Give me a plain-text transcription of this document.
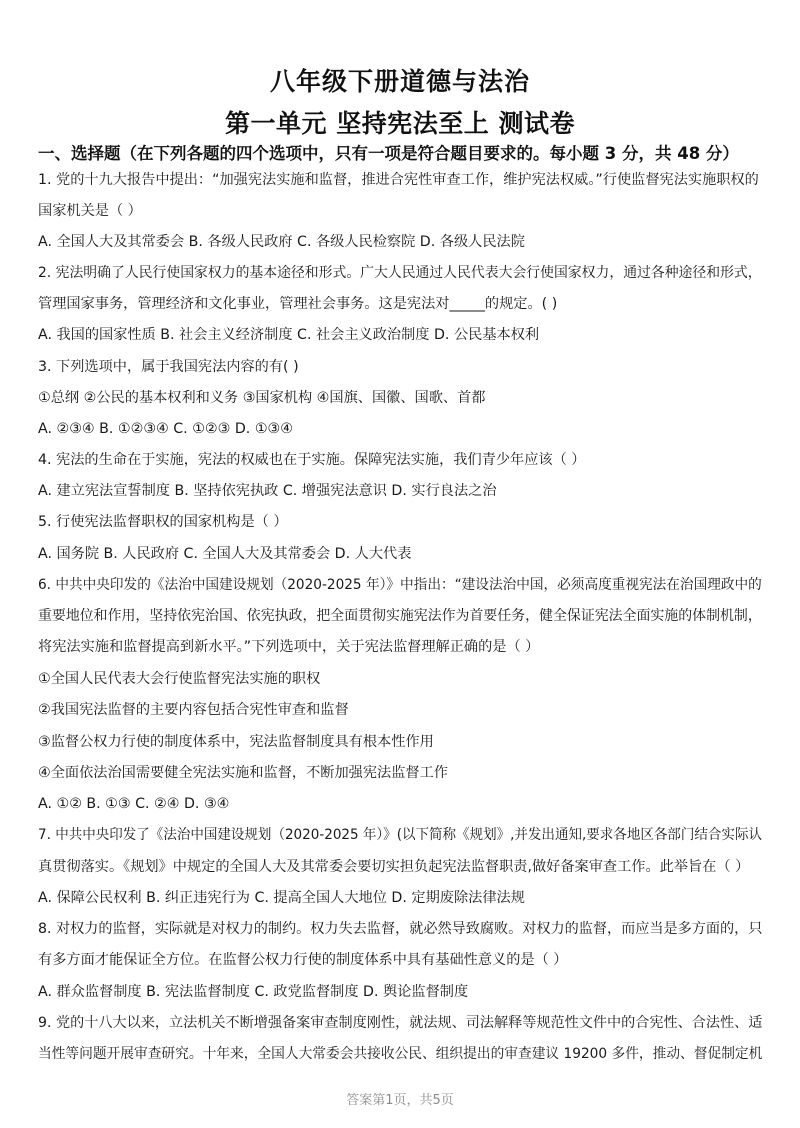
八年级下册道德与法治
第一单元 坚持宪法至上 测试卷
一、选择题（在下列各题的四个选项中，只有一项是符合题目要求的。每小题 3 分，共 48 分）
1. 党的十九大报告中提出：“加强宪法实施和监督，推进合宪性审查工作，维护宪法权威。”行使监督宪法实施职权的
国家机关是（ ）
A. 全国人大及其常委会 B. 各级人民政府 C. 各级人民检察院 D. 各级人民法院
2. 宪法明确了人民行使国家权力的基本途径和形式。广大人民通过人民代表大会行使国家权力，通过各种途径和形式，
管理国家事务，管理经济和文化事业，管理社会事务。这是宪法对_____的规定。( )
A. 我国的国家性质 B. 社会主义经济制度 C. 社会主义政治制度 D. 公民基本权利
3. 下列选项中，属于我国宪法内容的有( )
①总纲 ②公民的基本权利和义务 ③国家机构 ④国旗、国徽、国歌、首都
A. ②③④ B. ①②③④ C. ①②③ D. ①③④
4. 宪法的生命在于实施，宪法的权威也在于实施。保障宪法实施，我们青少年应该（ ）
A. 建立宪法宣誓制度 B. 坚持依宪执政 C. 增强宪法意识 D. 实行良法之治
5. 行使宪法监督职权的国家机构是（ ）
A. 国务院 B. 人民政府 C. 全国人大及其常委会 D. 人大代表
6. 中共中央印发的《法治中国建设规划（2020-2025 年）》中指出：“建设法治中国，必须高度重视宪法在治国理政中的
重要地位和作用，坚持依宪治国、依宪执政，把全面贯彻实施宪法作为首要任务，健全保证宪法全面实施的体制机制，
将宪法实施和监督提高到新水平。”下列选项中，关于宪法监督理解正确的是（ ）
①全国人民代表大会行使监督宪法实施的职权
②我国宪法监督的主要内容包括合宪性审查和监督
③监督公权力行使的制度体系中，宪法监督制度具有根本性作用
④全面依法治国需要健全宪法实施和监督，不断加强宪法监督工作
A. ①② B. ①③ C. ②④ D. ③④
7. 中共中央印发了《法治中国建设规划（2020-2025 年）》(以下简称《规划》,并发出通知,要求各地区各部门结合实际认
真贯彻落实。《规划》中规定的全国人大及其常委会要切实担负起宪法监督职责,做好备案审查工作。此举旨在（ ）
A. 保障公民权利 B. 纠正违宪行为 C. 提高全国人大地位 D. 定期废除法律法规
8. 对权力的监督，实际就是对权力的制约。权力失去监督，就必然导致腐败。对权力的监督，而应当是多方面的，只
有多方面才能保证全方位。在监督公权力行使的制度体系中具有基础性意义的是（ ）
A. 群众监督制度 B. 宪法监督制度 C. 政党监督制度 D. 舆论监督制度
9. 党的十八大以来，立法机关不断增强备案审查制度刚性，就法规、司法解释等规范性文件中的合宪性、合法性、适
当性等问题开展审查研究。十年来，全国人大常委会共接收公民、组织提出的审查建议 19200 多件，推动、督促制定机
答案第1页，共5页
